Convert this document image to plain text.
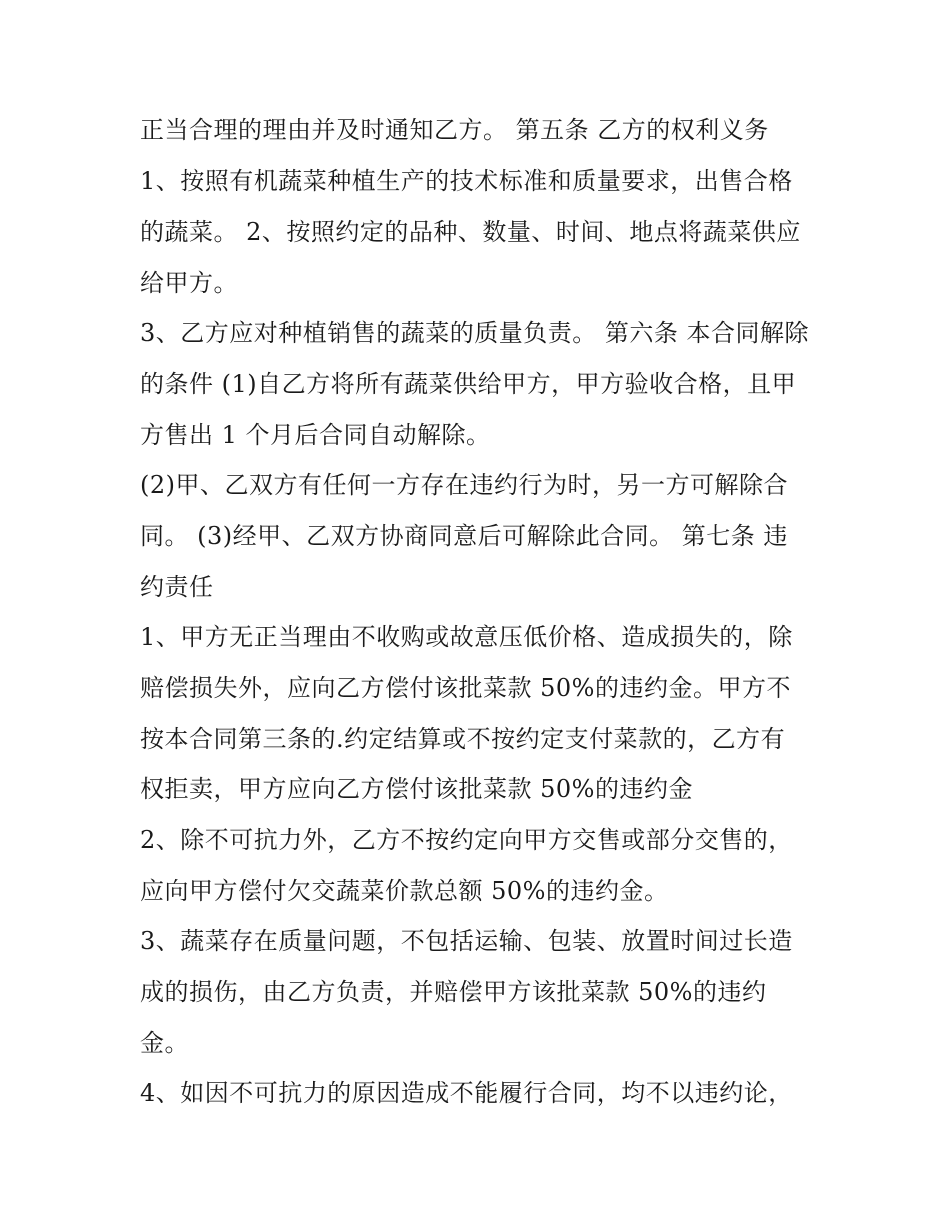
正当合理的理由并及时通知乙方。 第五条 乙方的权利义务
1、按照有机蔬菜种植生产的技术标准和质量要求，出售合格
的蔬菜。 2、按照约定的品种、数量、时间、地点将蔬菜供应
给甲方。
3、乙方应对种植销售的蔬菜的质量负责。 第六条 本合同解除
的条件 (1)自乙方将所有蔬菜供给甲方，甲方验收合格，且甲
方售出 1 个月后合同自动解除。
(2)甲、乙双方有任何一方存在违约行为时，另一方可解除合
同。 (3)经甲、乙双方协商同意后可解除此合同。 第七条 违
约责任
1、甲方无正当理由不收购或故意压低价格、造成损失的，除
赔偿损失外，应向乙方偿付该批菜款 50%的违约金。甲方不
按本合同第三条的.约定结算或不按约定支付菜款的，乙方有
权拒卖，甲方应向乙方偿付该批菜款 50%的违约金
2、除不可抗力外，乙方不按约定向甲方交售或部分交售的，
应向甲方偿付欠交蔬菜价款总额 50%的违约金。
3、蔬菜存在质量问题，不包括运输、包装、放置时间过长造
成的损伤，由乙方负责，并赔偿甲方该批菜款 50%的违约
金。
4、如因不可抗力的原因造成不能履行合同，均不以违约论，
